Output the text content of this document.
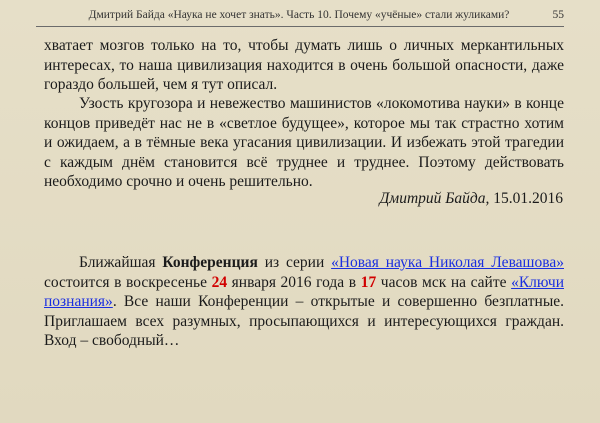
Дмитрий Байда «Наука не хочет знать». Часть 10. Почему «учёные» стали жуликами?	55

хватает мозгов только на то, чтобы думать лишь о личных меркантильных интересах, то наша цивилизация находится в очень большой опасности, даже гораздо большей, чем я тут описал.

Узость кругозора и невежество машинистов «локомотива науки» в конце концов приведёт нас не в «светлое будущее», которое мы так страстно хотим и ожидаем, а в тёмные века угасания цивилизации. И избежать этой трагедии с каждым днём становится всё труднее и труднее. Поэтому действовать необходимо срочно и очень решительно.

Дмитрий Байда, 15.01.2016

Ближайшая Конференция из серии «Новая наука Николая Левашова» состоится в воскресенье 24 января 2016 года в 17 часов мск на сайте «Ключи познания». Все наши Конференции – открытые и совершенно безплатные. Приглашаем всех разумных, просыпающихся и интересующихся граждан. Вход – свободный…
